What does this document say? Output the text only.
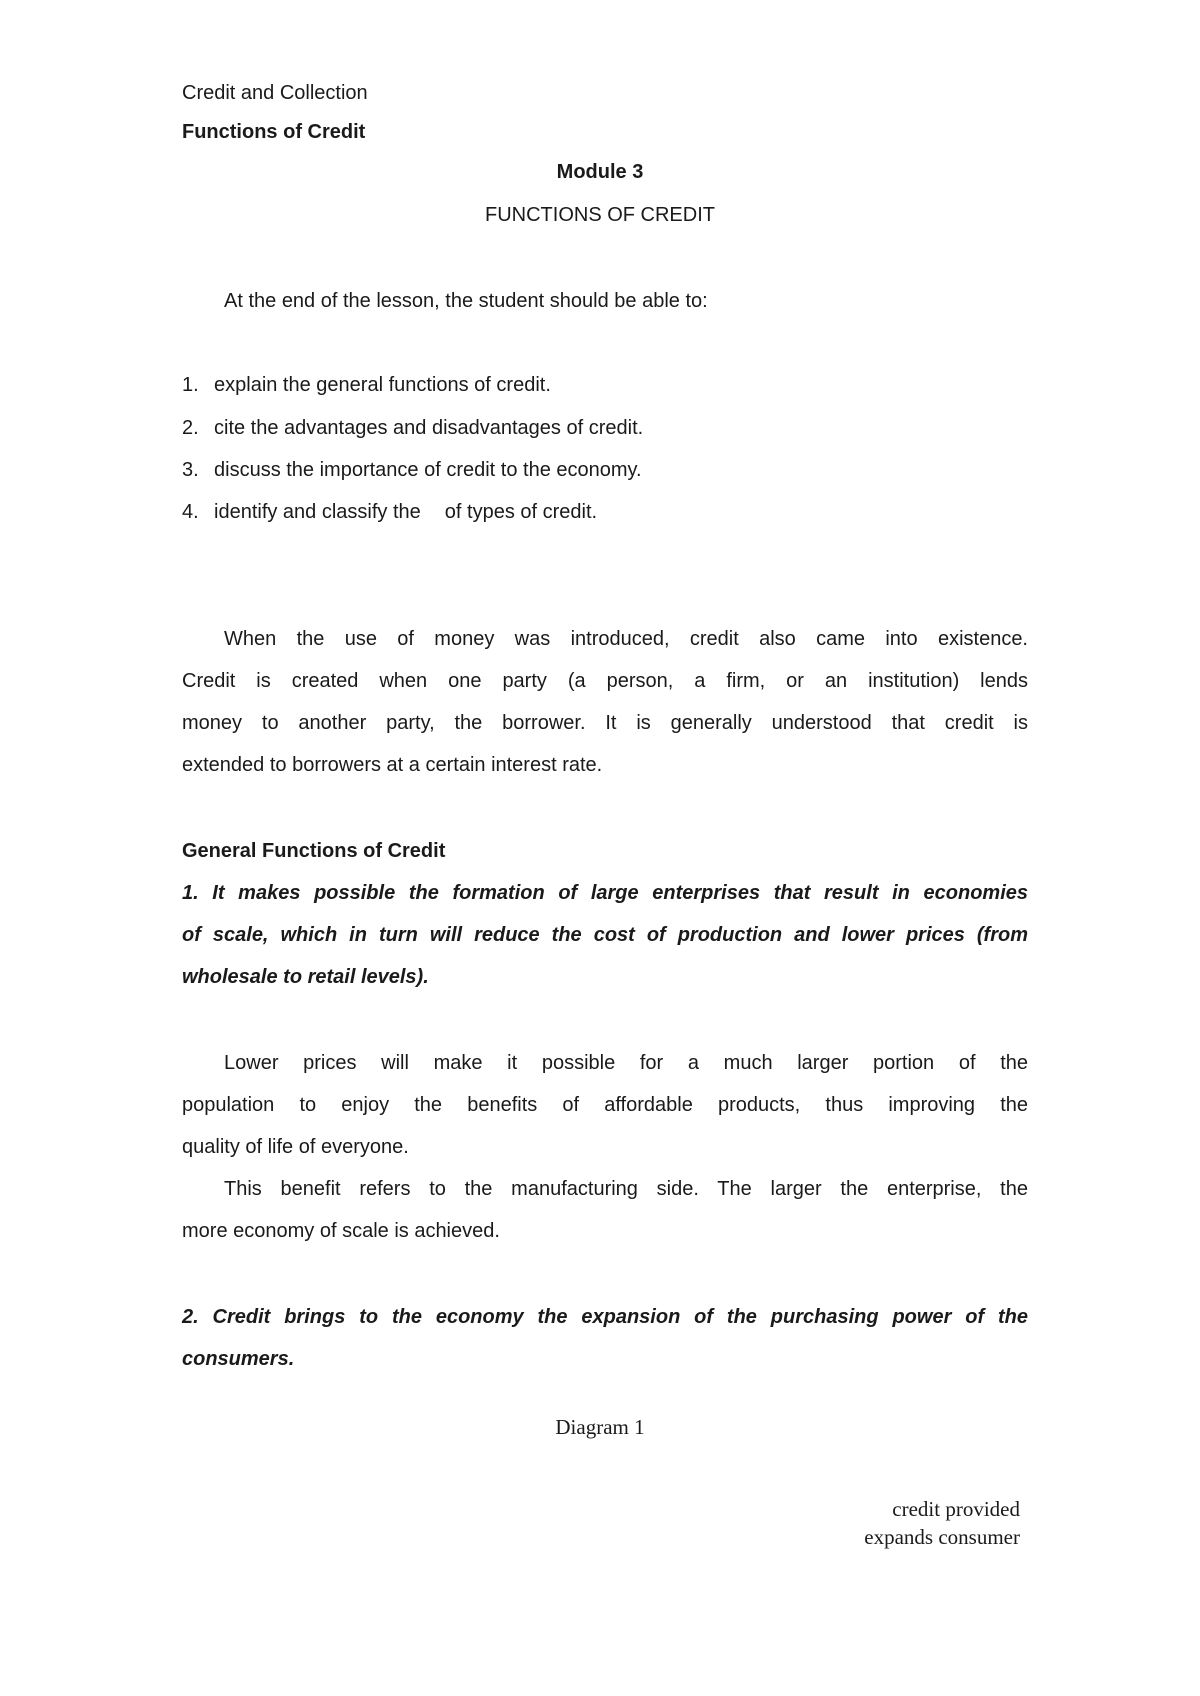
Credit and Collection
Functions of Credit
Module 3
FUNCTIONS OF CREDIT
At the end of the lesson, the student should be able to:
1. explain the general functions of credit.
2. cite the advantages and disadvantages of credit.
3. discuss the importance of credit to the economy.
4. identify and classify the of types of credit.
When the use of money was introduced, credit also came into existence.
Credit is created when one party (a person, a firm, or an institution) lends
money to another party, the borrower. It is generally understood that credit is
extended to borrowers at a certain interest rate.
General Functions of Credit
1. It makes possible the formation of large enterprises that result in economies
of scale, which in turn will reduce the cost of production and lower prices (from
wholesale to retail levels).
Lower prices will make it possible for a much larger portion of the
population to enjoy the benefits of affordable products, thus improving the
quality of life of everyone.
This benefit refers to the manufacturing side. The larger the enterprise, the
more economy of scale is achieved.
2. Credit brings to the economy the expansion of the purchasing power of the
consumers.
Diagram 1
credit provided
expands consumer
